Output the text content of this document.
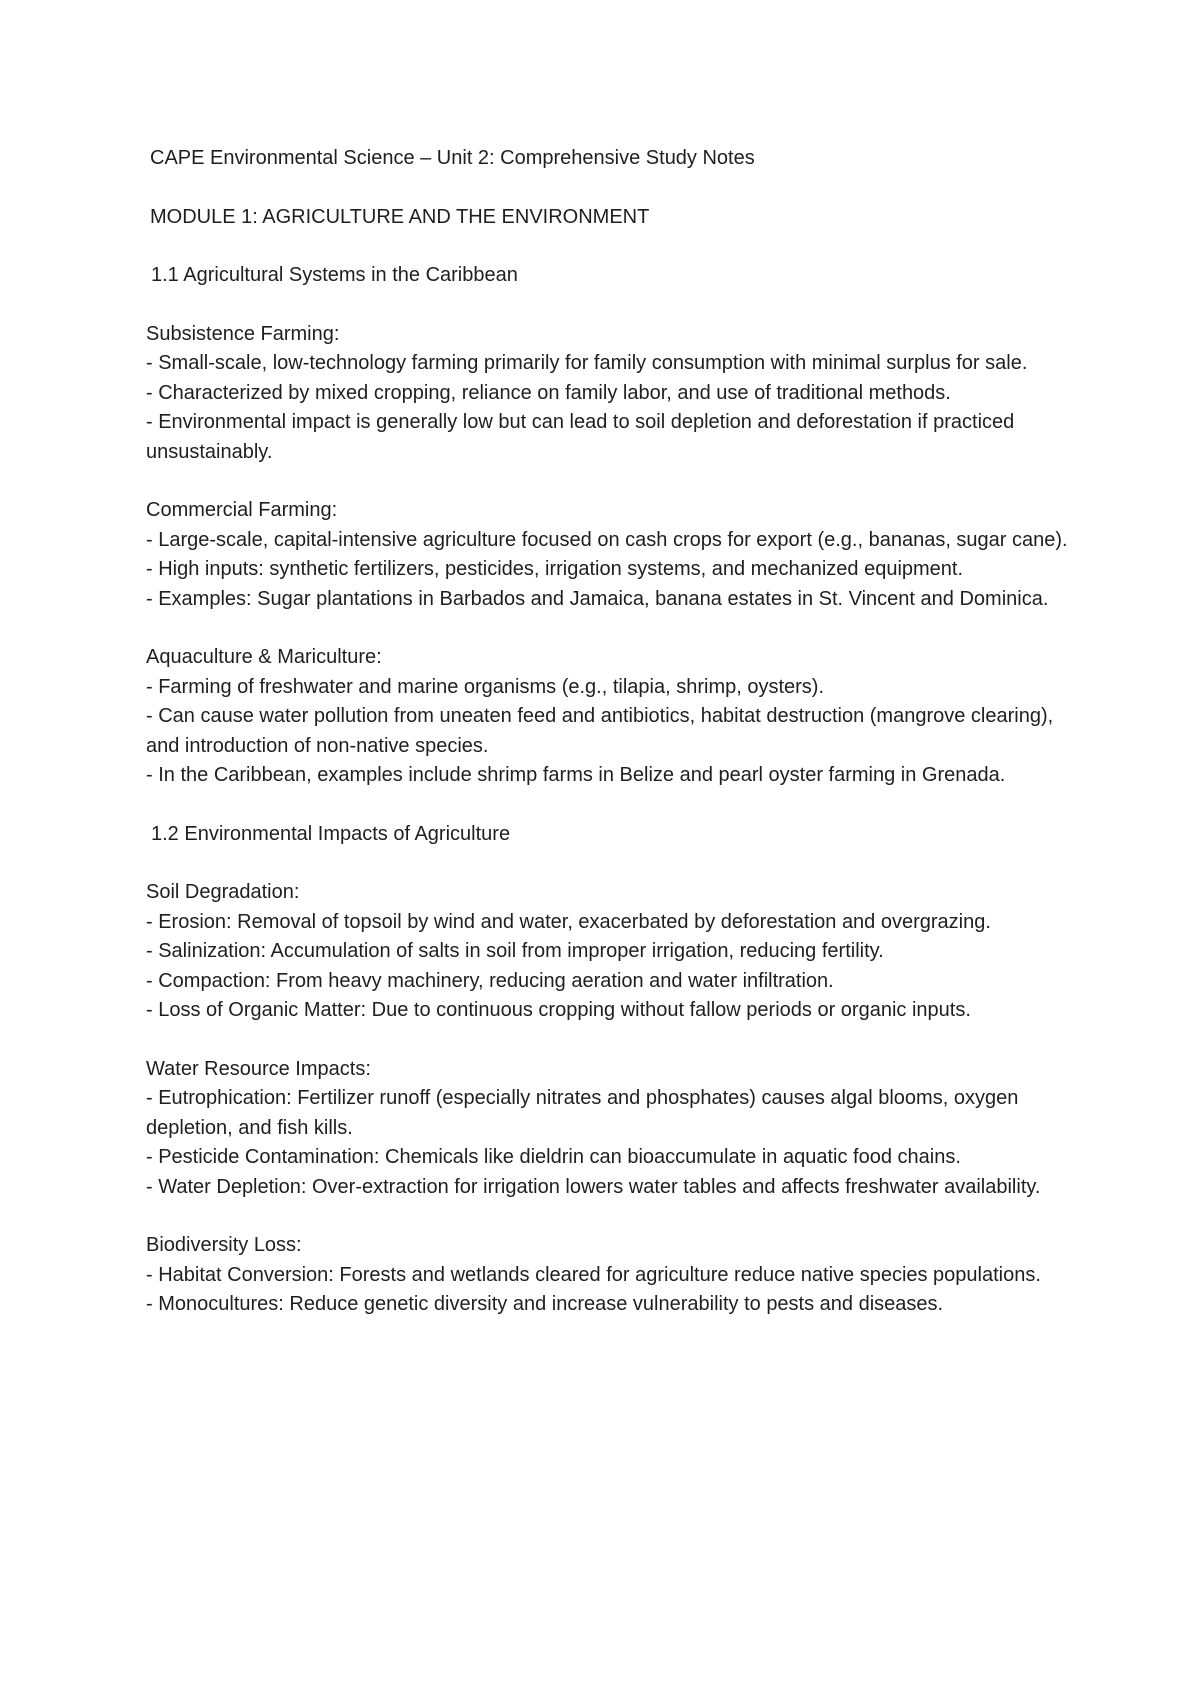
CAPE Environmental Science – Unit 2: Comprehensive Study Notes

MODULE 1: AGRICULTURE AND THE ENVIRONMENT

1.1 Agricultural Systems in the Caribbean

Subsistence Farming:

- Small-scale, low-technology farming primarily for family consumption with minimal surplus for sale.

- Characterized by mixed cropping, reliance on family labor, and use of traditional methods.

- Environmental impact is generally low but can lead to soil depletion and deforestation if practiced unsustainably.

Commercial Farming:

- Large-scale, capital-intensive agriculture focused on cash crops for export (e.g., bananas, sugar cane).

- High inputs: synthetic fertilizers, pesticides, irrigation systems, and mechanized equipment.

- Examples: Sugar plantations in Barbados and Jamaica, banana estates in St. Vincent and Dominica.

Aquaculture & Mariculture:

- Farming of freshwater and marine organisms (e.g., tilapia, shrimp, oysters).

- Can cause water pollution from uneaten feed and antibiotics, habitat destruction (mangrove clearing), and introduction of non-native species.

- In the Caribbean, examples include shrimp farms in Belize and pearl oyster farming in Grenada.

1.2 Environmental Impacts of Agriculture

Soil Degradation:

- Erosion: Removal of topsoil by wind and water, exacerbated by deforestation and overgrazing.

- Salinization: Accumulation of salts in soil from improper irrigation, reducing fertility.

- Compaction: From heavy machinery, reducing aeration and water infiltration.

- Loss of Organic Matter: Due to continuous cropping without fallow periods or organic inputs.

Water Resource Impacts:

- Eutrophication: Fertilizer runoff (especially nitrates and phosphates) causes algal blooms, oxygen depletion, and fish kills.

- Pesticide Contamination: Chemicals like dieldrin can bioaccumulate in aquatic food chains.

- Water Depletion: Over-extraction for irrigation lowers water tables and affects freshwater availability.

Biodiversity Loss:

- Habitat Conversion: Forests and wetlands cleared for agriculture reduce native species populations.

- Monocultures: Reduce genetic diversity and increase vulnerability to pests and diseases.
